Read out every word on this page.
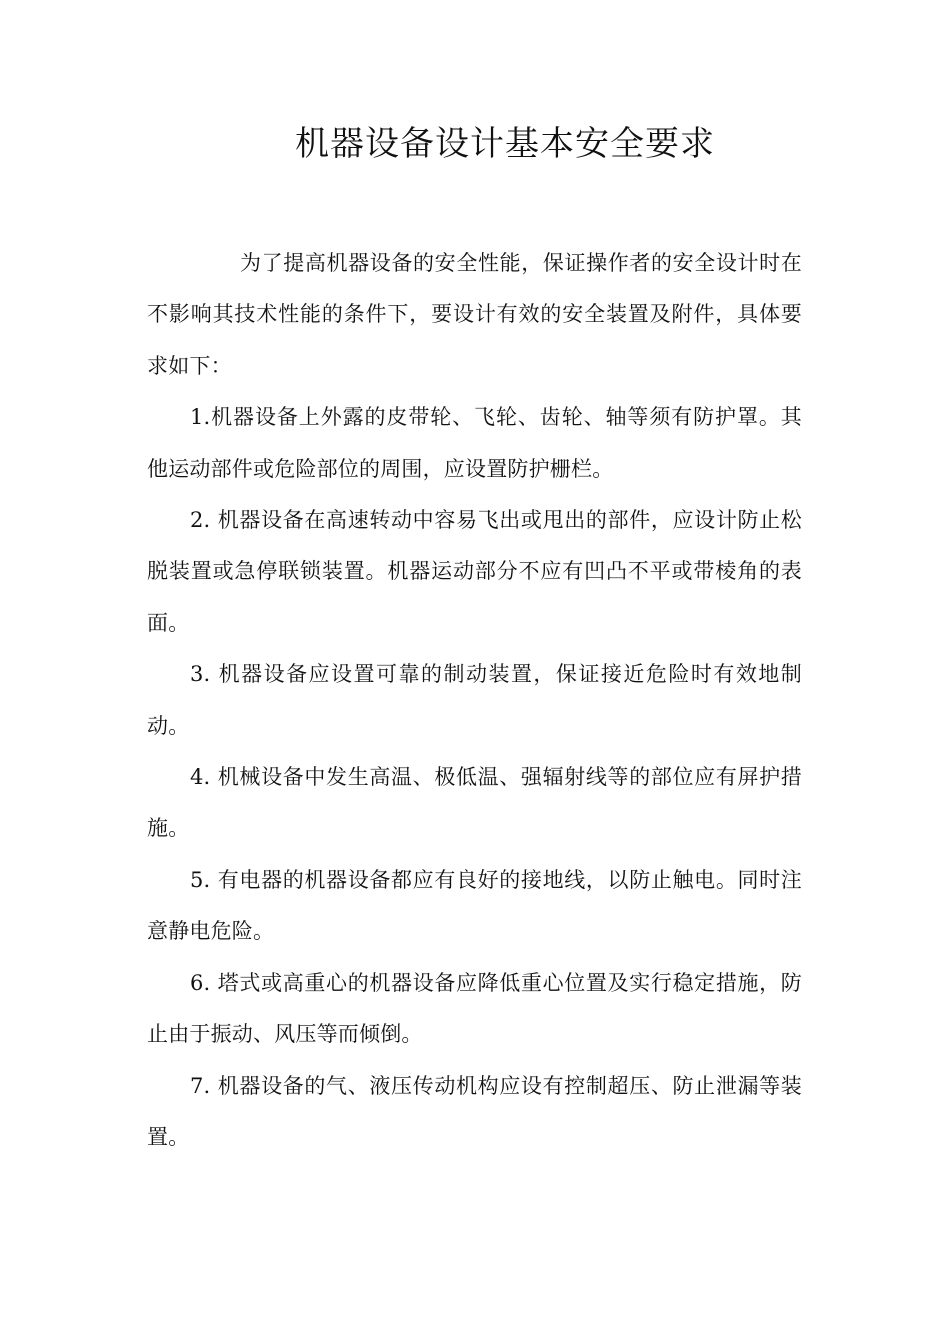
机器设备设计基本安全要求

为了提高机器设备的安全性能，保证操作者的安全设计时在不影响其技术性能的条件下，要设计有效的安全装置及附件，具体要求如下：

1.机器设备上外露的皮带轮、飞轮、齿轮、轴等须有防护罩。其他运动部件或危险部位的周围，应设置防护栅栏。

2. 机器设备在高速转动中容易飞出或甩出的部件，应设计防止松脱装置或急停联锁装置。机器运动部分不应有凹凸不平或带棱角的表面。

3. 机器设备应设置可靠的制动装置，保证接近危险时有效地制动。

4. 机械设备中发生高温、极低温、强辐射线等的部位应有屏护措施。

5. 有电器的机器设备都应有良好的接地线，以防止触电。同时注意静电危险。

6. 塔式或高重心的机器设备应降低重心位置及实行稳定措施，防止由于振动、风压等而倾倒。

7. 机器设备的气、液压传动机构应设有控制超压、防止泄漏等装置。
